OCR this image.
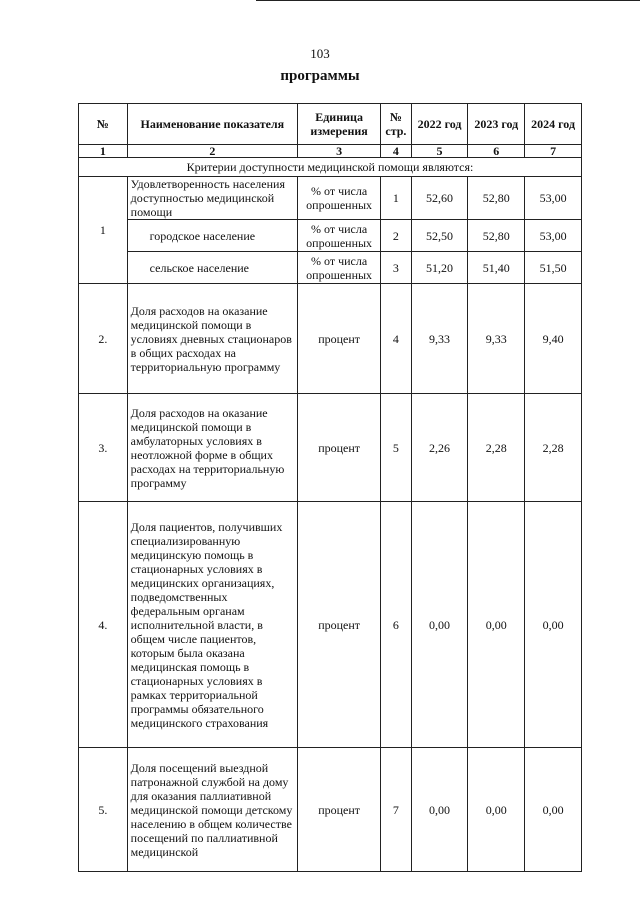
103
программы
№	Наименование показателя	Единица измерения	№ стр.	2022 год	2023 год	2024 год
1	2	3	4	5	6	7
Критерии доступности медицинской помощи являются:						
1	Удовлетворенность населения доступностью медицинской помощи	% от числа опрошенных	1	52,60	52,80	53,00
	городское население	% от числа опрошенных	2	52,50	52,80	53,00
	сельское население	% от числа опрошенных	3	51,20	51,40	51,50
2.	Доля расходов на оказание медицинской помощи в условиях дневных стационаров в общих расходах на территориальную программу	процент	4	9,33	9,33	9,40
3.	Доля расходов на оказание медицинской помощи в амбулаторных условиях в неотложной форме в общих расходах на территориальную программу	процент	5	2,26	2,28	2,28
4.	Доля пациентов, получивших специализированную медицинскую помощь в стационарных условиях в медицинских организациях, подведомственных федеральным органам исполнительной власти, в общем числе пациентов, которым была оказана медицинская помощь в стационарных условиях в рамках территориальной программы обязательного медицинского страхования	процент	6	0,00	0,00	0,00
5.	Доля посещений выездной патронажной службой на дому для оказания паллиативной медицинской помощи детскому населению в общем количестве посещений по паллиативной медицинской	процент	7	0,00	0,00	0,00
